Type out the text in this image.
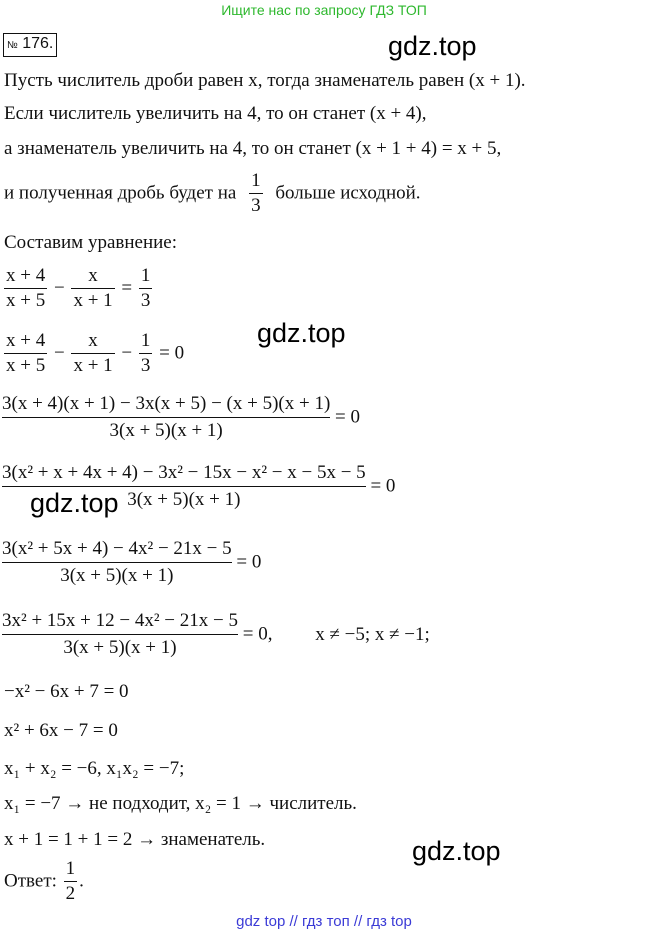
Ищите нас по запросу ГДЗ ТОП
№ 176.	gdz.top
Пусть числитель дроби равен x, тогда знаменатель равен (x + 1).
Если числитель увеличить на 4, то он станет (x + 4),
а знаменатель увеличить на 4, то он станет (x + 1 + 4) = x + 5,
и полученная дробь будет на $\frac{1}{3}$ больше исходной.
Составим уравнение:
$\frac{x + 4}{x + 5} - \frac{x}{x + 1} = \frac{1}{3}$
$\frac{x + 4}{x + 5} - \frac{x}{x + 1} - \frac{1}{3} = 0$
gdz.top
$\frac{3(x + 4)(x + 1) - 3x(x + 5) - (x + 5)(x + 1)}{3(x + 5)(x + 1)} = 0$
$\frac{\text{3(x² + x + 4x + 4) − 3x² − 15x − x² − x − 5x − 5}}{3(x + 5)(x + 1)} = 0$
gdz.top
$\frac{\text{3(x² + 5x + 4) − 4x² − 21x − 5}}{3(x + 5)(x + 1)} = 0$
$\frac{\text{3x² + 15x + 12 − 4x² − 21x − 5}}{3(x + 5)(x + 1)} = 0$, x ≠ −5; x ≠ −1;
−x² − 6x + 7 = 0
x² + 6x − 7 = 0
x₁ + x₂ = −6, x₁x₂ = −7;
x₁ = −7 → не подходит, x₂ = 1 → числитель.
x + 1 = 1 + 1 = 2 → знаменатель.	gdz.top
Ответ: $\frac{1}{2}$ .
gdz top // гдз топ // гдз top
